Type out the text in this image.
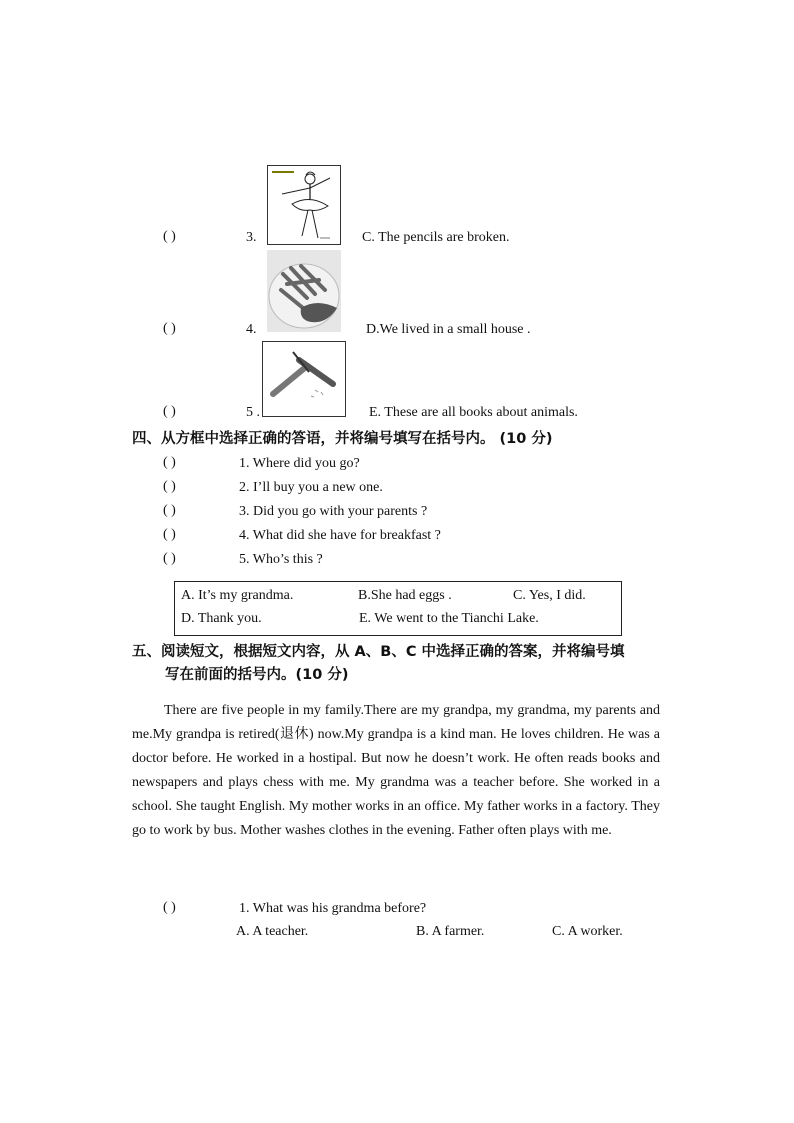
( )	3.	C. The pencils are broken.
( )	4.	D.We lived in a small house .
( )	5 .	E. These are all books about animals.
四、从方框中选择正确的答语，并将编号填写在括号内。 (10 分)
( )	1. Where did you go?
( )	2. I’ll buy you a new one.
( )	3. Did you go with your parents ?
( )	4. What did she have for breakfast ?
( )	5. Who’s this ?
A. It’s my grandma.	B.She had eggs .	C. Yes, I did.
D. Thank you.	E. We went to the Tianchi Lake.
五、阅读短文，根据短文内容，从 A、B、C 中选择正确的答案，并将编号填
写在前面的括号内。(10 分)

There are five people in my family.There are my grandpa, my grandma, my parents and me.My grandpa is retired(退休) now.My grandpa is a kind man. He loves children. He was a doctor before. He worked in a hostipal. But now he doesn’t work. He often reads books and newspapers and plays chess with me. My grandma was a teacher before. She worked in a school. She taught English. My mother works in an office. My father works in a factory. They go to work by bus. Mother washes clothes in the evening. Father often plays with me.

( )	1. What was his grandma before?
A. A teacher.	B. A farmer.	C. A worker.
